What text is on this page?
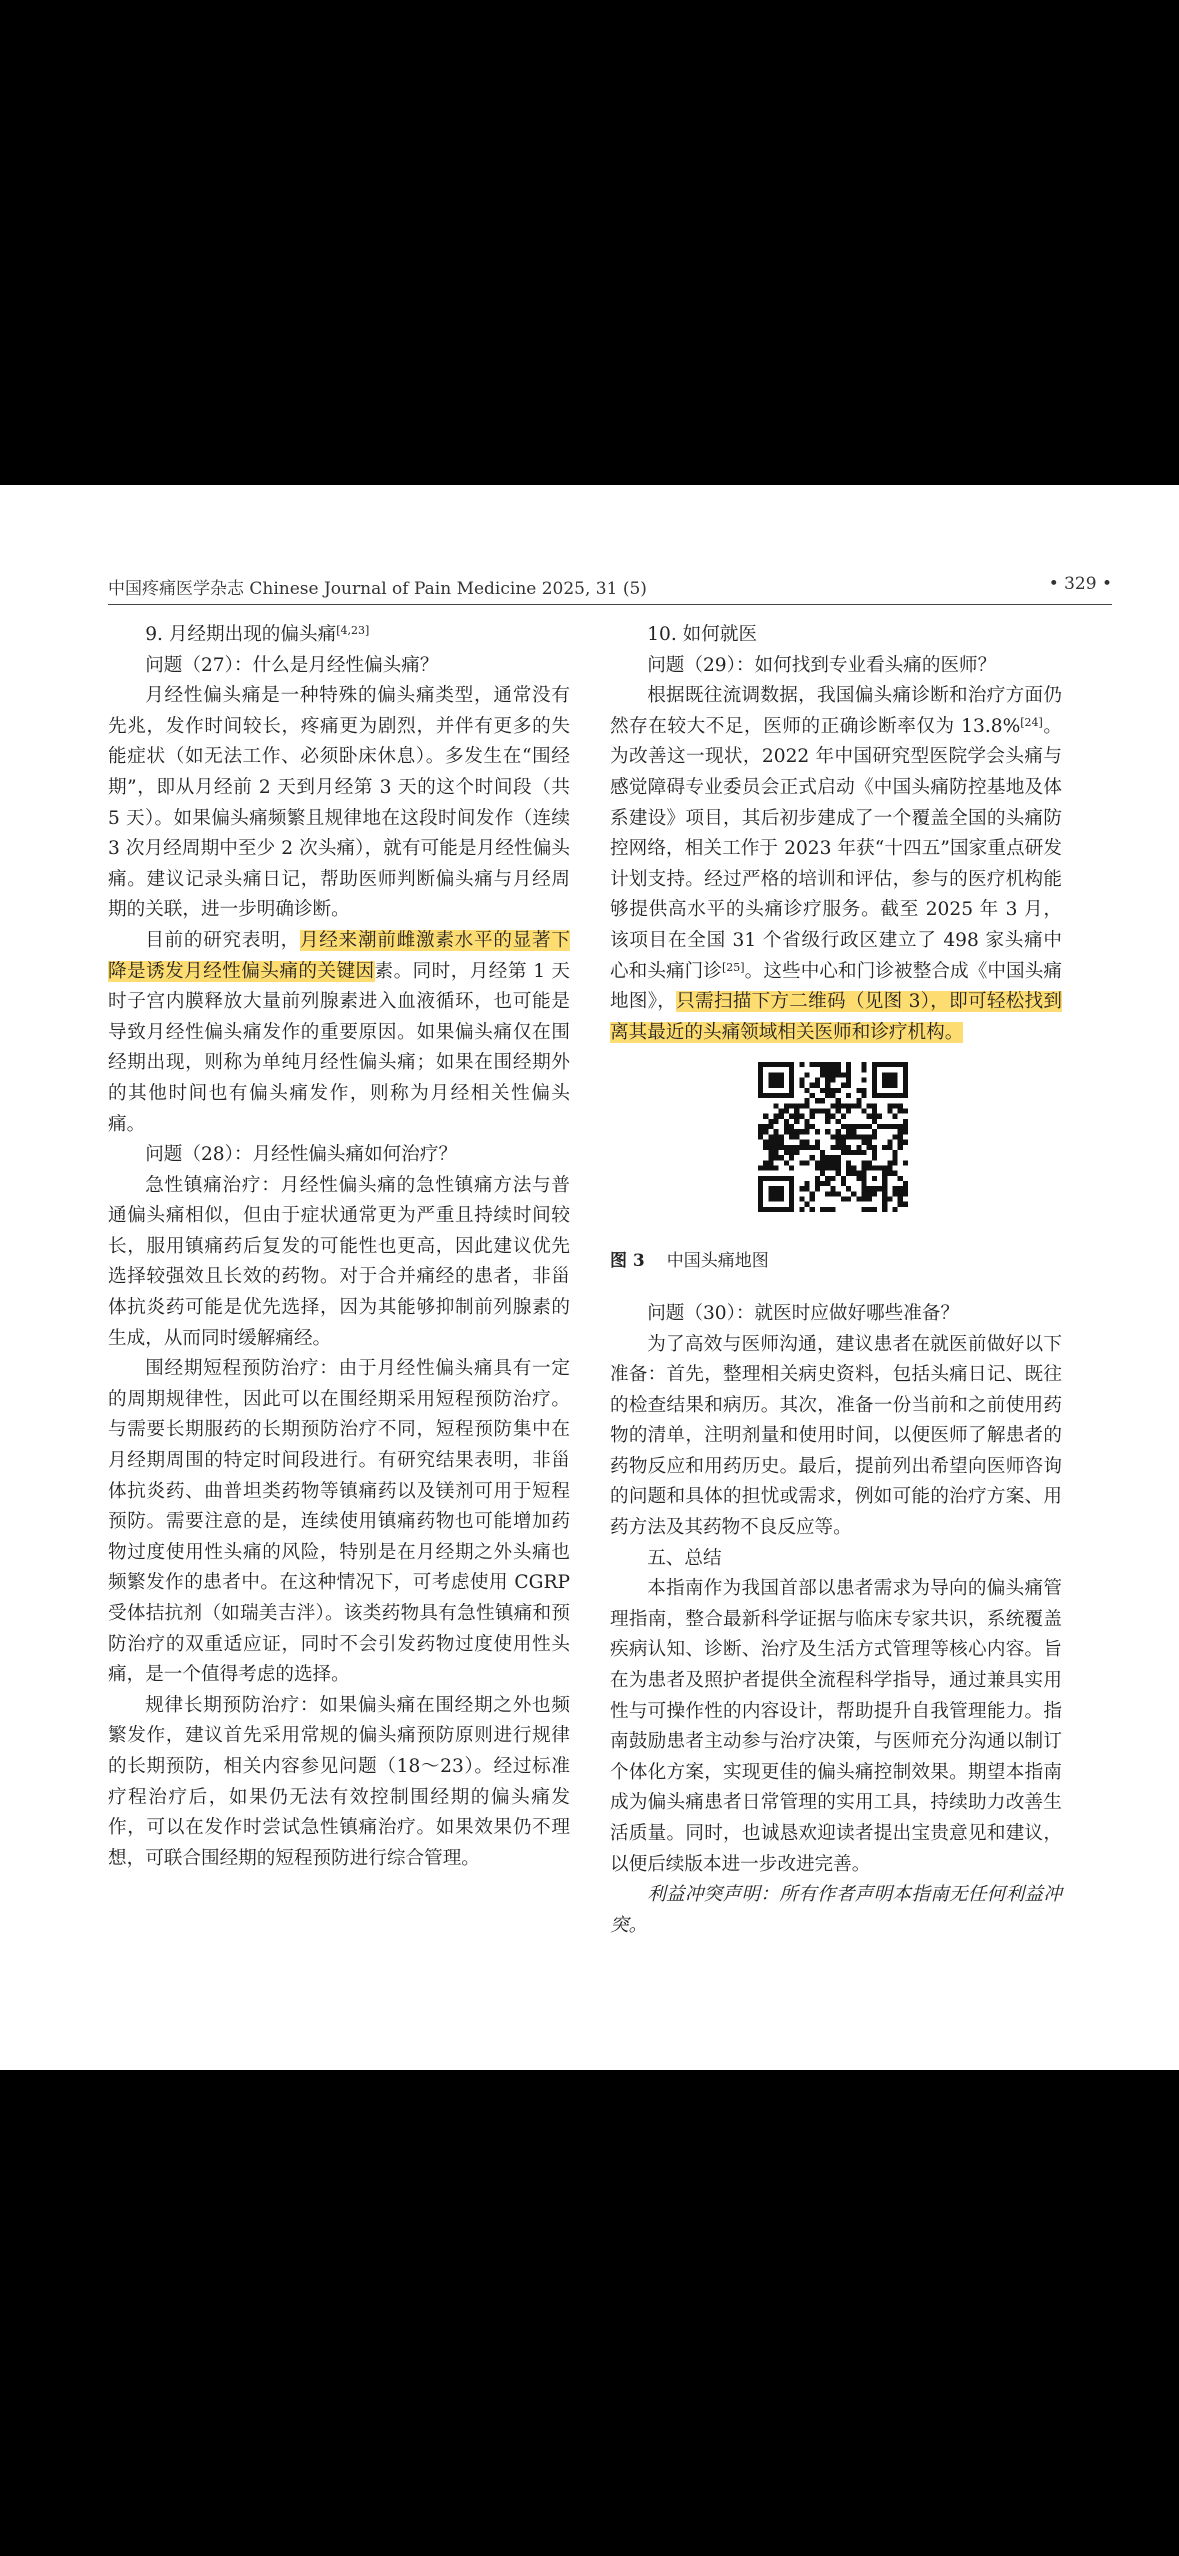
中国疼痛医学杂志 Chinese Journal of Pain Medicine 2025, 31 (5)	• 329 •

9. 月经期出现的偏头痛[4,23]

问题（27）：什么是月经性偏头痛？

月经性偏头痛是一种特殊的偏头痛类型，通常没有先兆，发作时间较长，疼痛更为剧烈，并伴有更多的失能症状（如无法工作、必须卧床休息）。多发生在“围经期”，即从月经前 2 天到月经第 3 天的这个时间段（共 5 天）。如果偏头痛频繁且规律地在这段时间发作（连续 3 次月经周期中至少 2 次头痛），就有可能是月经性偏头痛。建议记录头痛日记，帮助医师判断偏头痛与月经周期的关联，进一步明确诊断。

目前的研究表明，月经来潮前雌激素水平的显著下降是诱发月经性偏头痛的关键因素。同时，月经第 1 天时子宫内膜释放大量前列腺素进入血液循环，也可能是导致月经性偏头痛发作的重要原因。如果偏头痛仅在围经期出现，则称为单纯月经性偏头痛；如果在围经期外的其他时间也有偏头痛发作，则称为月经相关性偏头痛。

问题（28）：月经性偏头痛如何治疗？

急性镇痛治疗：月经性偏头痛的急性镇痛方法与普通偏头痛相似，但由于症状通常更为严重且持续时间较长，服用镇痛药后复发的可能性也更高，因此建议优先选择较强效且长效的药物。对于合并痛经的患者，非甾体抗炎药可能是优先选择，因为其能够抑制前列腺素的生成，从而同时缓解痛经。

围经期短程预防治疗：由于月经性偏头痛具有一定的周期规律性，因此可以在围经期采用短程预防治疗。与需要长期服药的长期预防治疗不同，短程预防集中在月经期周围的特定时间段进行。有研究结果表明，非甾体抗炎药、曲普坦类药物等镇痛药以及镁剂可用于短程预防。需要注意的是，连续使用镇痛药物也可能增加药物过度使用性头痛的风险，特别是在月经期之外头痛也频繁发作的患者中。在这种情况下，可考虑使用 CGRP 受体拮抗剂（如瑞美吉泮）。该类药物具有急性镇痛和预防治疗的双重适应证，同时不会引发药物过度使用性头痛，是一个值得考虑的选择。

规律长期预防治疗：如果偏头痛在围经期之外也频繁发作，建议首先采用常规的偏头痛预防原则进行规律的长期预防，相关内容参见问题（18～23）。经过标准疗程治疗后，如果仍无法有效控制围经期的偏头痛发作，可以在发作时尝试急性镇痛治疗。如果效果仍不理想，可联合围经期的短程预防进行综合管理。

10. 如何就医

问题（29）：如何找到专业看头痛的医师？

根据既往流调数据，我国偏头痛诊断和治疗方面仍然存在较大不足，医师的正确诊断率仅为 13.8%[24]。为改善这一现状，2022 年中国研究型医院学会头痛与感觉障碍专业委员会正式启动《中国头痛防控基地及体系建设》项目，其后初步建成了一个覆盖全国的头痛防控网络，相关工作于 2023 年获“十四五”国家重点研发计划支持。经过严格的培训和评估，参与的医疗机构能够提供高水平的头痛诊疗服务。截至 2025 年 3 月，该项目在全国 31 个省级行政区建立了 498 家头痛中心和头痛门诊[25]。这些中心和门诊被整合成《中国头痛地图》，只需扫描下方二维码（见图 3），即可轻松找到离其最近的头痛领域相关医师和诊疗机构。

图 3 中国头痛地图

问题（30）：就医时应做好哪些准备？

为了高效与医师沟通，建议患者在就医前做好以下准备：首先，整理相关病史资料，包括头痛日记、既往的检查结果和病历。其次，准备一份当前和之前使用药物的清单，注明剂量和使用时间，以便医师了解患者的药物反应和用药历史。最后，提前列出希望向医师咨询的问题和具体的担忧或需求，例如可能的治疗方案、用药方法及其药物不良反应等。

五、总结

本指南作为我国首部以患者需求为导向的偏头痛管理指南，整合最新科学证据与临床专家共识，系统覆盖疾病认知、诊断、治疗及生活方式管理等核心内容。旨在为患者及照护者提供全流程科学指导，通过兼具实用性与可操作性的内容设计，帮助提升自我管理能力。指南鼓励患者主动参与治疗决策，与医师充分沟通以制订个体化方案，实现更佳的偏头痛控制效果。期望本指南成为偏头痛患者日常管理的实用工具，持续助力改善生活质量。同时，也诚恳欢迎读者提出宝贵意见和建议，以便后续版本进一步改进完善。

利益冲突声明：所有作者声明本指南无任何利益冲突。
